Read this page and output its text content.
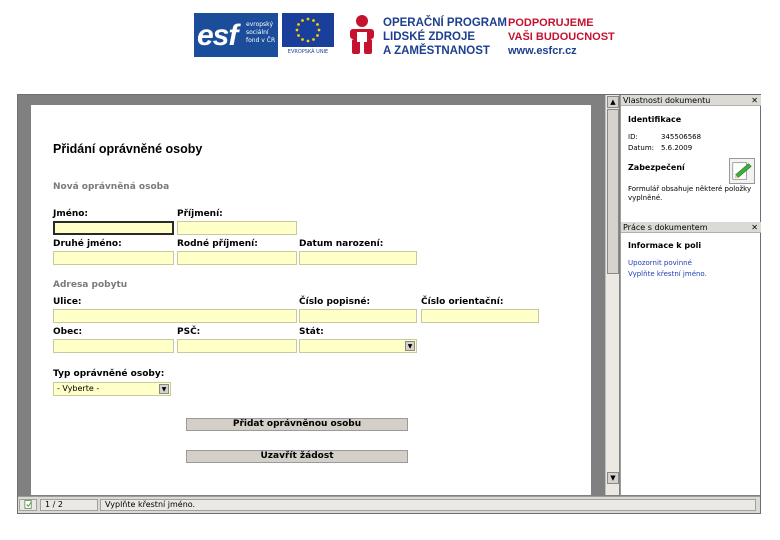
esf evropský
sociální
fond v ČR
EVROPSKÁ UNIE
OPERAČNÍ PROGRAM
LIDSKÉ ZDROJE
A ZAMĚSTNANOST
PODPORUJEME
VAŠI BUDOUCNOST
www.esfcr.cz
Přidání oprávněné osoby
Nová oprávněná osoba
Jméno:	Příjmení:
Druhé jméno:	Rodné příjmení:	Datum narození:
Adresa pobytu
Ulice:	Číslo popisné:	Číslo orientační:
Obec:	PSČ:	Stát:
▼
Typ oprávněné osoby:
- Vyberte -	▼
Přidat oprávněnou osobu
Uzavřít žádost
▲
▼
Vlastnosti dokumentu	✕
Identifikace
ID:	345506568
Datum: 5.6.2009
Zabezpečení
Formulář obsahuje některé položky vyplněné.
Práce s dokumentem	✕
Informace k poli
Upozornit povinné
Vyplňte křestní jméno.
1 / 2	Vyplňte křestní jméno.
